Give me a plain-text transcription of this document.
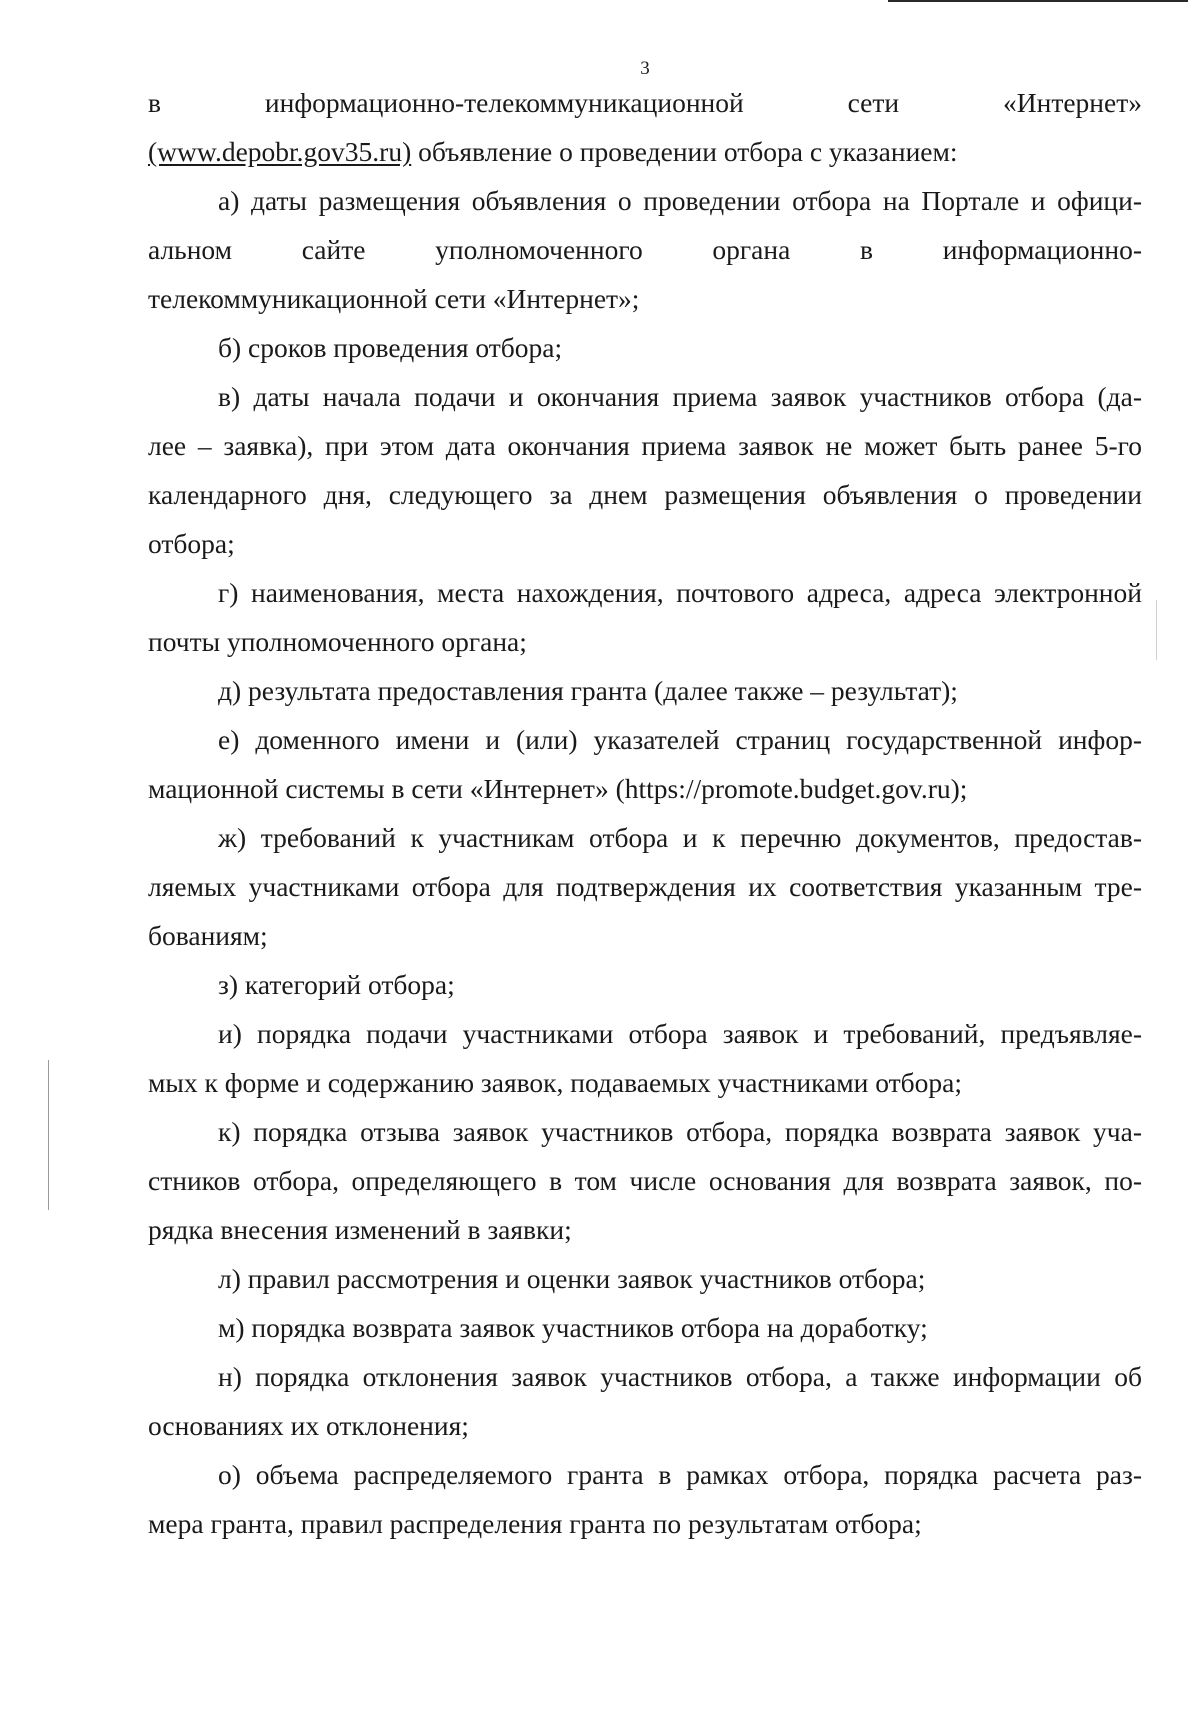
3

в информационно-телекоммуникационной сети «Интернет»

(www.depobr.gov35.ru) объявление о проведении отбора с указанием:

а) даты размещения объявления о проведении отбора на Портале и офици-

альном сайте уполномоченного органа в информационно-

телекоммуникационной сети «Интернет»;

б) сроков проведения отбора;

в) даты начала подачи и окончания приема заявок участников отбора (да-

лее – заявка), при этом дата окончания приема заявок не может быть ранее 5-го

календарного дня, следующего за днем размещения объявления о проведении

отбора;

г) наименования, места нахождения, почтового адреса, адреса электронной

почты уполномоченного органа;

д) результата предоставления гранта (далее также – результат);

е) доменного имени и (или) указателей страниц государственной инфор-

мационной системы в сети «Интернет» (https://promote.budget.gov.ru);

ж) требований к участникам отбора и к перечню документов, предостав-

ляемых участниками отбора для подтверждения их соответствия указанным тре-

бованиям;

з) категорий отбора;

и) порядка подачи участниками отбора заявок и требований, предъявляе-

мых к форме и содержанию заявок, подаваемых участниками отбора;

к) порядка отзыва заявок участников отбора, порядка возврата заявок уча-

стников отбора, определяющего в том числе основания для возврата заявок, по-

рядка внесения изменений в заявки;

л) правил рассмотрения и оценки заявок участников отбора;

м) порядка возврата заявок участников отбора на доработку;

н) порядка отклонения заявок участников отбора, а также информации об

основаниях их отклонения;

о) объема распределяемого гранта в рамках отбора, порядка расчета раз-

мера гранта, правил распределения гранта по результатам отбора;
